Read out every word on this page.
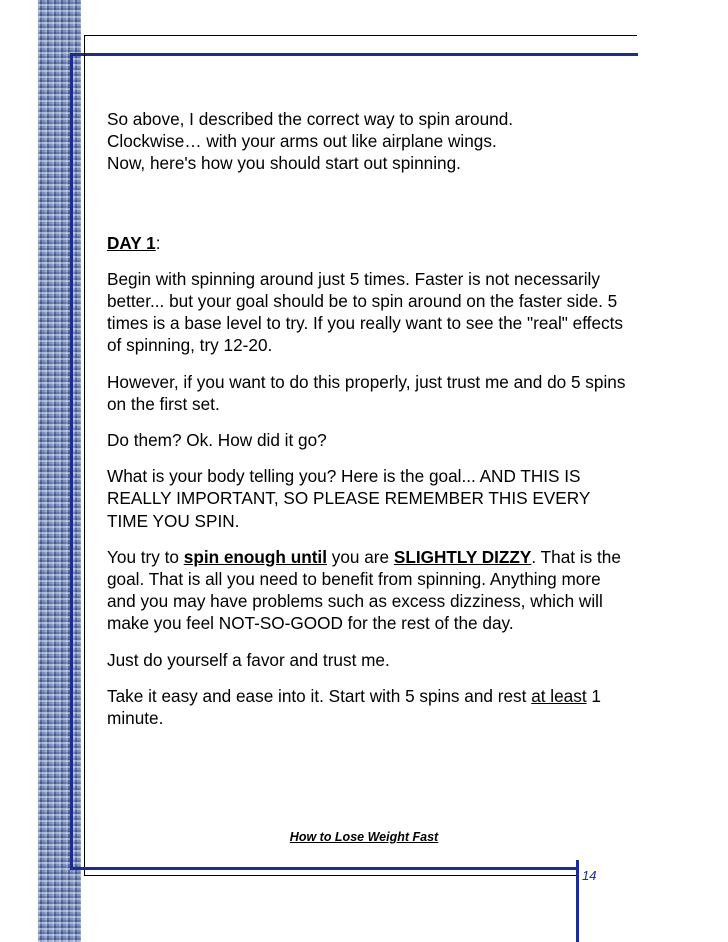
So above, I described the correct way to spin around.

Clockwise… with your arms out like airplane wings.

Now, here's how you should start out spinning.

DAY 1:

Begin with spinning around just 5 times. Faster is not necessarily better... but your goal should be to spin around on the faster side. 5 times is a base level to try. If you really want to see the "real" effects of spinning, try 12-20.

However, if you want to do this properly, just trust me and do 5 spins on the first set.

Do them? Ok. How did it go?

What is your body telling you? Here is the goal... AND THIS IS REALLY IMPORTANT, SO PLEASE REMEMBER THIS EVERY TIME YOU SPIN.

You try to spin enough until you are SLIGHTLY DIZZY. That is the goal. That is all you need to benefit from spinning. Anything more and you may have problems such as excess dizziness, which will make you feel NOT-SO-GOOD for the rest of the day.

Just do yourself a favor and trust me.

Take it easy and ease into it. Start with 5 spins and rest at least 1 minute.

How to Lose Weight Fast
14
